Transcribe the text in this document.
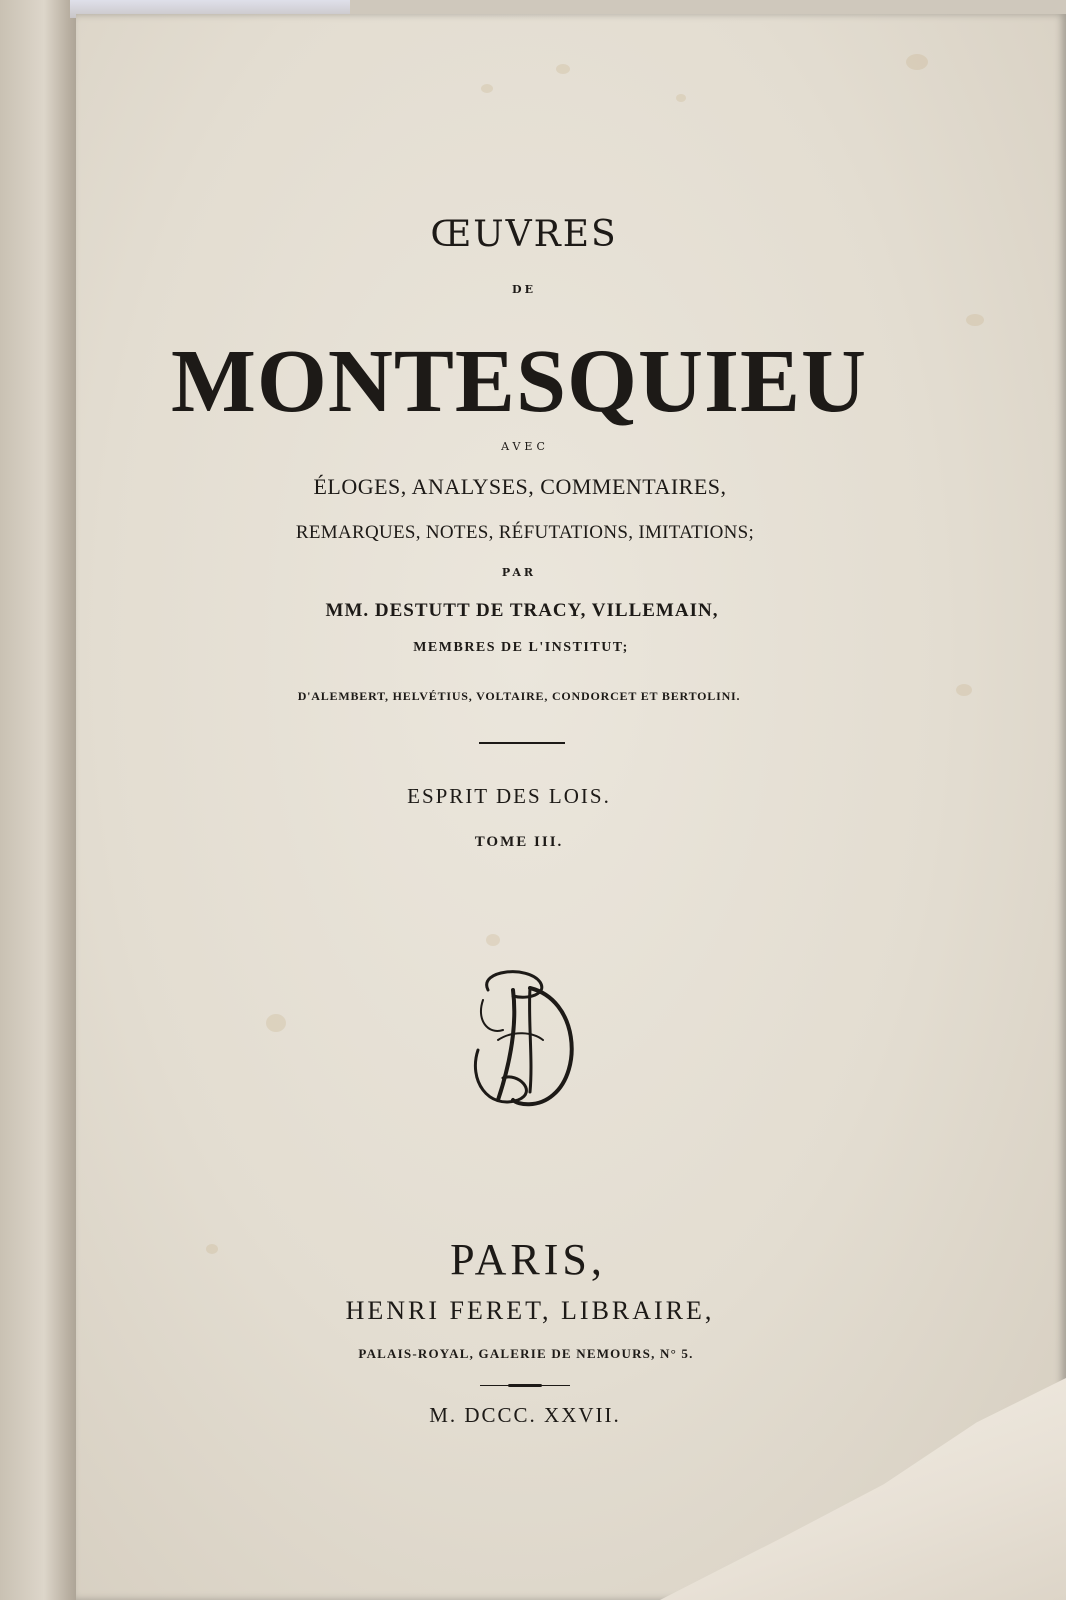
ŒUVRES
DE
MONTESQUIEU
AVEC
ÉLOGES, ANALYSES, COMMENTAIRES,
REMARQUES, NOTES, RÉFUTATIONS, IMITATIONS;
PAR
MM. DESTUTT DE TRACY, VILLEMAIN,
MEMBRES DE L'INSTITUT;
D'ALEMBERT, HELVÉTIUS, VOLTAIRE, CONDORCET ET BERTOLINI.
ESPRIT DES LOIS.
TOME III.
PARIS,
HENRI FERET, LIBRAIRE,
PALAIS-ROYAL, GALERIE DE NEMOURS, N° 5.
M. DCCC. XXVII.
